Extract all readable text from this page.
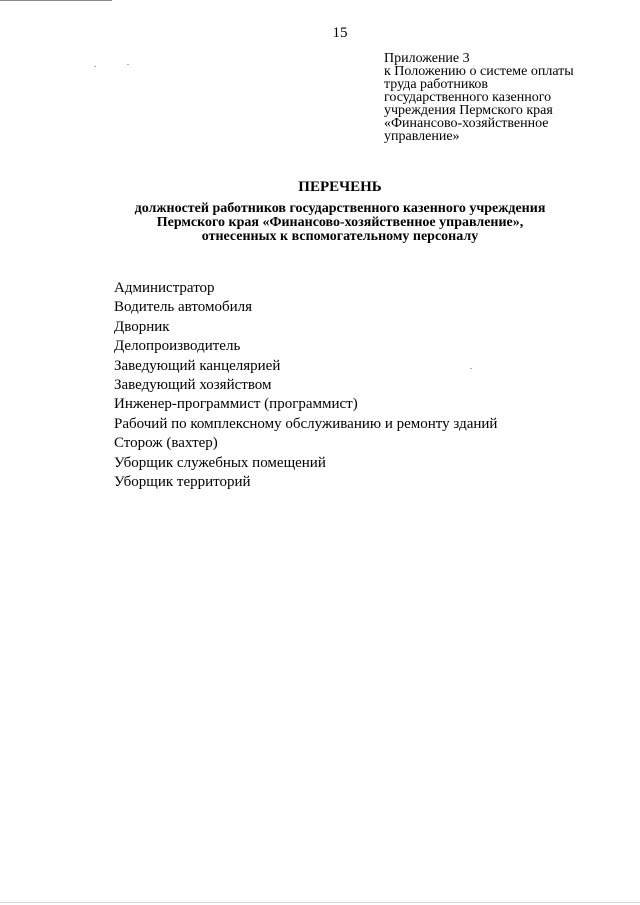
15

Приложение 3
к Положению о системе оплаты
труда работников
государственного казенного
учреждения Пермского края
«Финансово-хозяйственное
управление»

ПЕРЕЧЕНЬ
должностей работников государственного казенного учреждения
Пермского края «Финансово-хозяйственное управление»,
отнесенных к вспомогательному персоналу
Администратор
Водитель автомобиля
Дворник
Делопроизводитель
Заведующий канцелярией
Заведующий хозяйством
Инженер-программист (программист)
Рабочий по комплексному обслуживанию и ремонту зданий
Сторож (вахтер)
Уборщик служебных помещений
Уборщик территорий
